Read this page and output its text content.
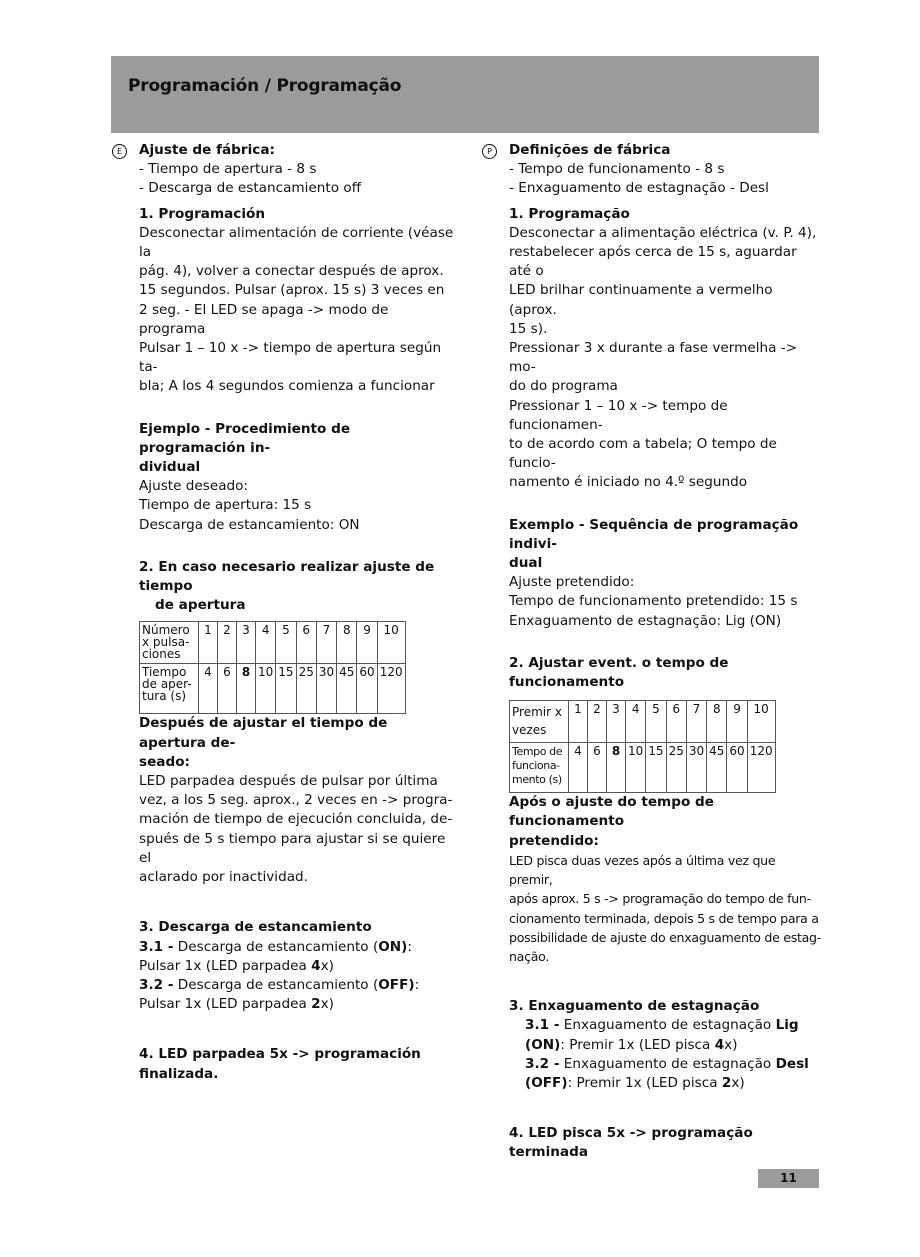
Programación / Programação
E	Ajuste de fábrica:

- Tiempo de apertura - 8 s

- Descarga de estancamiento off

1. Programación

Desconectar alimentación de corriente (véase la

pág. 4), volver a conectar después de aprox.

15 segundos. Pulsar (aprox. 15 s) 3 veces en

2 seg. - El LED se apaga -> modo de programa

Pulsar 1 – 10 x -> tiempo de apertura según ta-

bla; A los 4 segundos comienza a funcionar

Ejemplo - Procedimiento de programación in-

dividual

Ajuste deseado:

Tiempo de apertura: 15 s

Descarga de estancamiento: ON

2. En caso necesario realizar ajuste de tiempo

de apertura

Número
x pulsa-
ciones	1	2	3	4	5	6	7	8	9	10

Tiempo
de aper-
tura (s)	4	6	8	10	15	25	30	45	60	120

Después de ajustar el tiempo de apertura de-

seado:

LED parpadea después de pulsar por última

vez, a los 5 seg. aprox., 2 veces en -> progra-

mación de tiempo de ejecución concluida, de-

spués de 5 s tiempo para ajustar si se quiere el

aclarado por inactividad.

3. Descarga de estancamiento

3.1 - Descarga de estancamiento (ON):

Pulsar 1x (LED parpadea 4x)

3.2 - Descarga de estancamiento (OFF):

Pulsar 1x (LED parpadea 2x)

4. LED parpadea 5x -> programación finalizada.

P	Definições de fábrica

- Tempo de funcionamento - 8 s

- Enxaguamento de estagnação - Desl

1. Programação

Desconectar a alimentação eléctrica (v. P. 4),

restabelecer após cerca de 15 s, aguardar até o

LED brilhar continuamente a vermelho (aprox.

15 s).

Pressionar 3 x durante a fase vermelha -> mo-

do do programa

Pressionar 1 – 10 x -> tempo de funcionamen-

to de acordo com a tabela; O tempo de funcio-

namento é iniciado no 4.º segundo

Exemplo - Sequência de programação indivi-

dual

Ajuste pretendido:

Tempo de funcionamento pretendido: 15 s

Enxaguamento de estagnação: Lig (ON)

2. Ajustar event. o tempo de funcionamento

Premir x
vezes	1	2	3	4	5	6	7	8	9	10

Tempo de
funciona-
mento (s)	4	6	8	10	15	25	30	45	60	120

Após o ajuste do tempo de funcionamento

pretendido:

LED pisca duas vezes após a última vez que premir,

após aprox. 5 s -> programação do tempo de fun-

cionamento terminada, depois 5 s de tempo para a

possibilidade de ajuste do enxaguamento de estag-

nação.

3. Enxaguamento de estagnação

3.1 - Enxaguamento de estagnação Lig

(ON): Premir 1x (LED pisca 4x)

3.2 - Enxaguamento de estagnação Desl

(OFF): Premir 1x (LED pisca 2x)

4. LED pisca 5x -> programação terminada

11
